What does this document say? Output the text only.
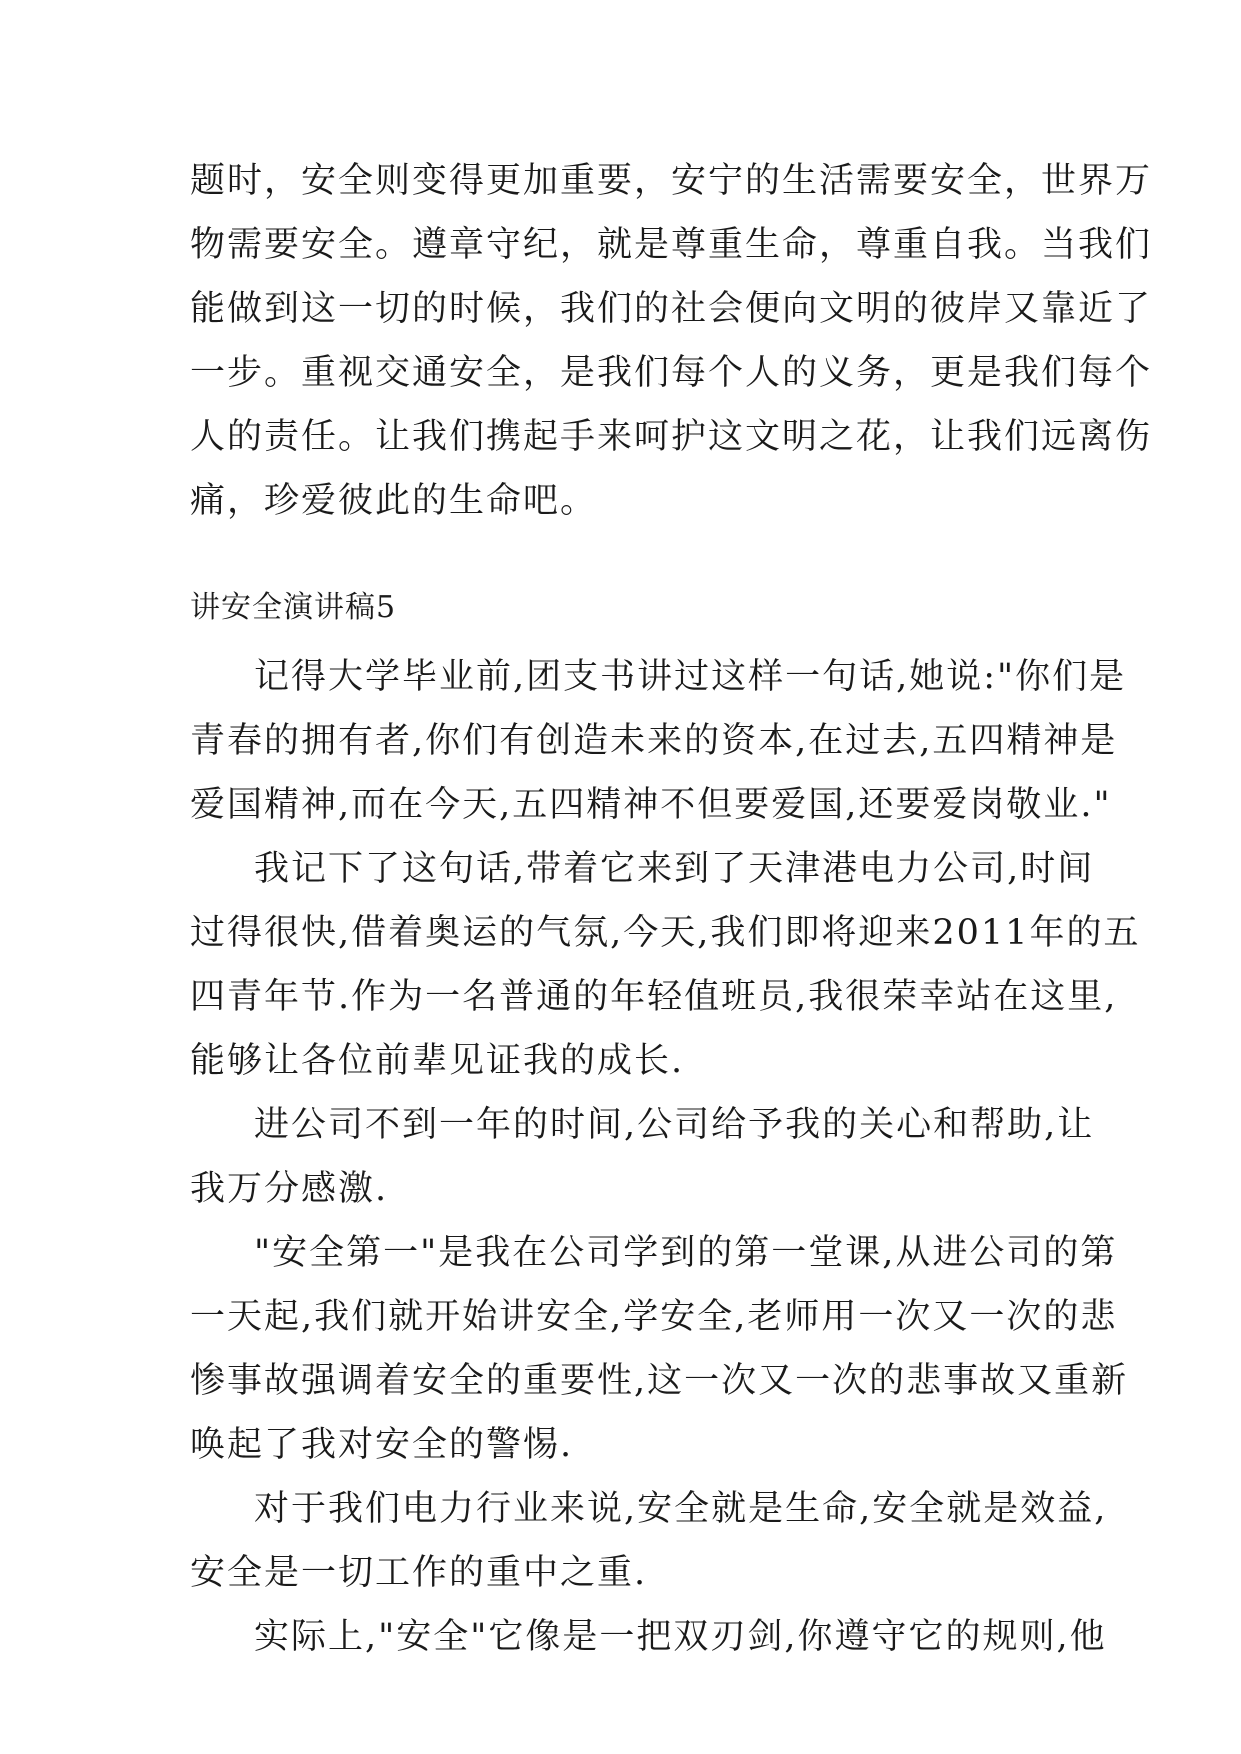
题时，安全则变得更加重要，安宁的生活需要安全，世界万
物需要安全。遵章守纪，就是尊重生命，尊重自我。当我们
能做到这一切的时候，我们的社会便向文明的彼岸又靠近了
一步。重视交通安全，是我们每个人的义务，更是我们每个
人的责任。让我们携起手来呵护这文明之花，让我们远离伤
痛，珍爱彼此的生命吧。
讲安全演讲稿5
记得大学毕业前,团支书讲过这样一句话,她说:"你们是
青春的拥有者,你们有创造未来的资本,在过去,五四精神是
爱国精神,而在今天,五四精神不但要爱国,还要爱岗敬业."
我记下了这句话,带着它来到了天津港电力公司,时间
过得很快,借着奥运的气氛,今天,我们即将迎来2011年的五
四青年节.作为一名普通的年轻值班员,我很荣幸站在这里,
能够让各位前辈见证我的成长.
进公司不到一年的时间,公司给予我的关心和帮助,让
我万分感激.
"安全第一"是我在公司学到的第一堂课,从进公司的第
一天起,我们就开始讲安全,学安全,老师用一次又一次的悲
惨事故强调着安全的重要性,这一次又一次的悲事故又重新
唤起了我对安全的警惕.
对于我们电力行业来说,安全就是生命,安全就是效益,
安全是一切工作的重中之重.
实际上,"安全"它像是一把双刃剑,你遵守它的规则,他
